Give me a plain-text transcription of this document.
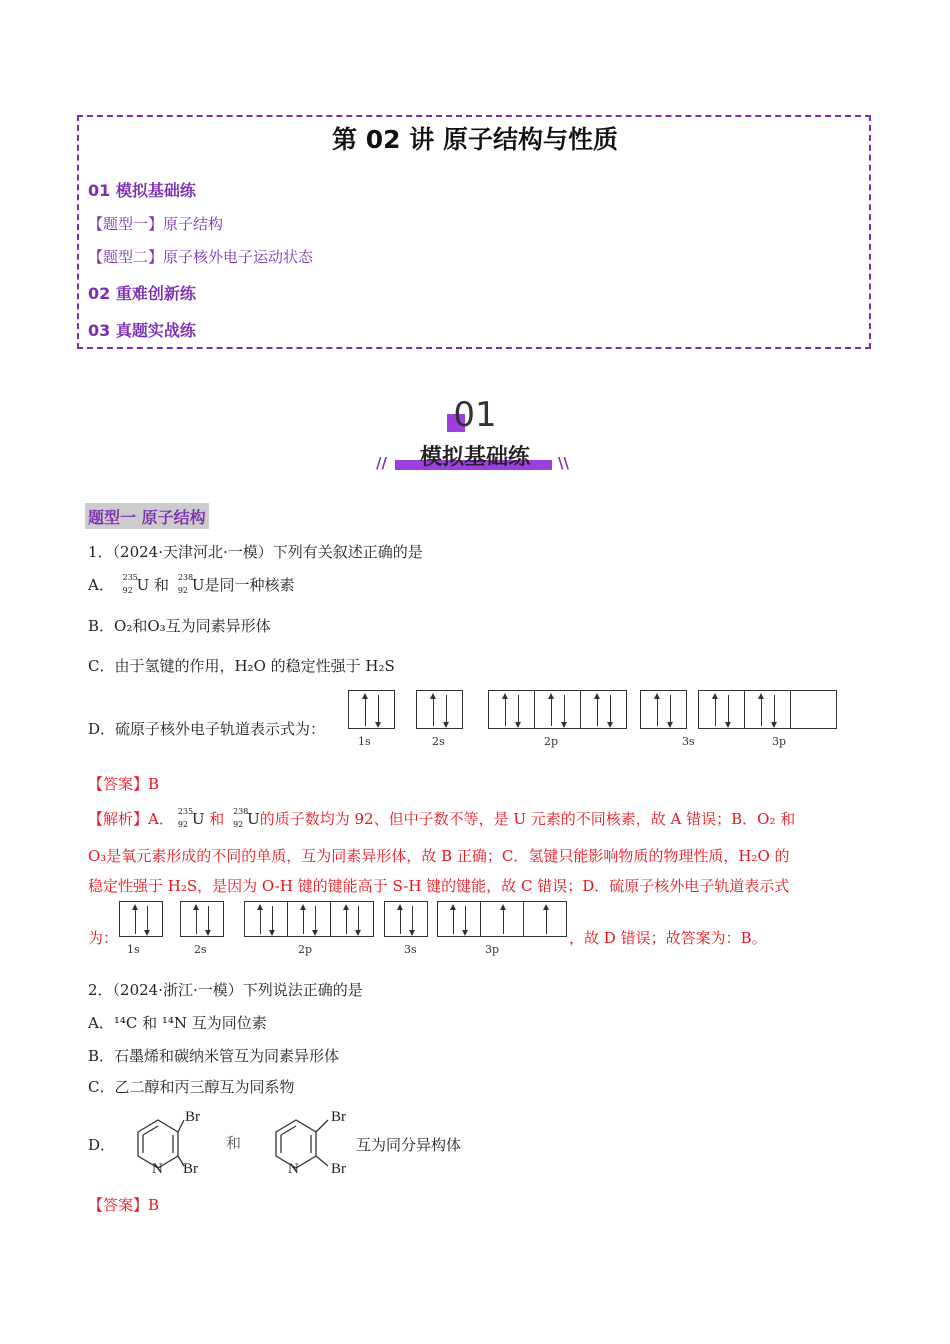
第 02 讲 原子结构与性质
01 模拟基础练
【题型一】原子结构
【题型二】原子核外电子运动状态
02 重难创新练
03 真题实战练
01
模拟基础练
//	\\
题型一 原子结构
1．（2024·天津河北·一模）下列有关叙述正确的是
A． 235
92 U 和 238
92 U是同一种核素
B．O₂和O₃互为同素异形体
C．由于氢键的作用，H₂O 的稳定性强于 H₂S
D．硫原子核外电子轨道表示式为：
1s	2s	2p	3s	3p
【答案】B
【解析】A． 235
92 U 和 238
92 U的质子数均为 92、但中子数不等，是 U 元素的不同核素，故 A 错误；B．O₂ 和
O₃是氧元素形成的不同的单质，互为同素异形体，故 B 正确；C．氢键只能影响物质的物理性质，H₂O 的
稳定性强于 H₂S，是因为 O-H 键的键能高于 S-H 键的键能，故 C 错误；D．硫原子核外电子轨道表示式
为：	，故 D 错误；故答案为：B。
1s	2s	2p	3s	3p
2．（2024·浙江·一模）下列说法正确的是
A．¹⁴C 和 ¹⁴N 互为同位素
B．石墨烯和碳纳米管互为同素异形体
C．乙二醇和丙三醇互为同系物
D．	和	互为同分异构体
Br
N Br
Br
N Br
【答案】B
